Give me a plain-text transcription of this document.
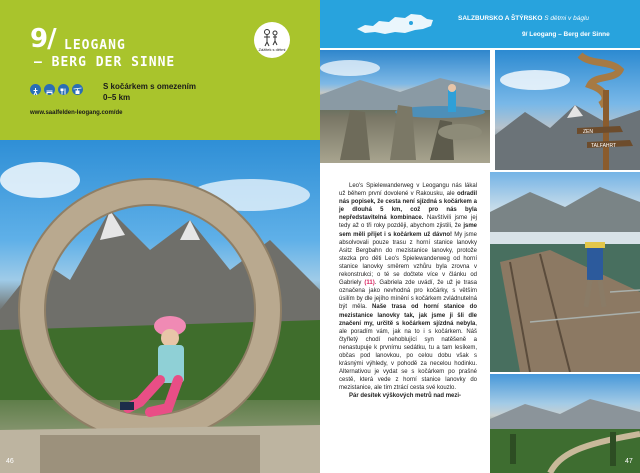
9/ LEOGANG
– BERG DER SINNE
Zážitek s dětmi
S kočárkem s omezením
0–5 km
www.saalfelden-leogang.com/de
46
SALZBURSKO A ŠTÝRSKO S dětmi v báglu
9/ Leogang – Berg der Sinne
ZEN
TALFAHRT

Leo's Spielewanderweg v Leogangu nás lákal už během první dovolené v Rakousku, ale odradil nás popisek, že cesta není sjízdná s kočárkem a je dlouhá 5 km, což pro nás byla nepředstavitelná kombinace. Navštívili jsme jej tedy až o tři roky později, abychom zjistili, že jsme sem měli přijet i s kočárkem už dávno! My jsme absolvovali pouze trasu z horní stanice lanovky Asitz Bergbahn do mezistanice lanovky, protože stezka pro děti Leo's Spielewanderweg od horní stanice lanovky směrem vzhůru byla zrovna v rekonstrukci; o té se dočtete více v článku od Gabriely (11). Gabriela zde uvádí, že už je trasa označena jako nevhodná pro kočárky, s větším úsilím by dle jejího mínění s kočárkem zvládnutelná být měla. Naše trasa od horní stanice do mezistanice lanovky tak, jak jsme ji šli dle značení my, určitě s kočárkem sjízdná nebyla, ale poradím vám, jak na to i s kočárkem. Náš čtyřletý chodí nehoblující syn natěšeně a nenastupuje k prvnímu sedátku, tu a tam lesíkem, občas pod lanovkou, po celou dobu však s krásnými výhledy, v pohodě za necelou hodinku. Alternativou je vydat se s kočárkem po prašné cestě, která vede z horní stanice lanovky do mezistanice, ale tím ztrácí cesta své kouzlo.

Pár desítek výškových metrů nad mezi-

47
